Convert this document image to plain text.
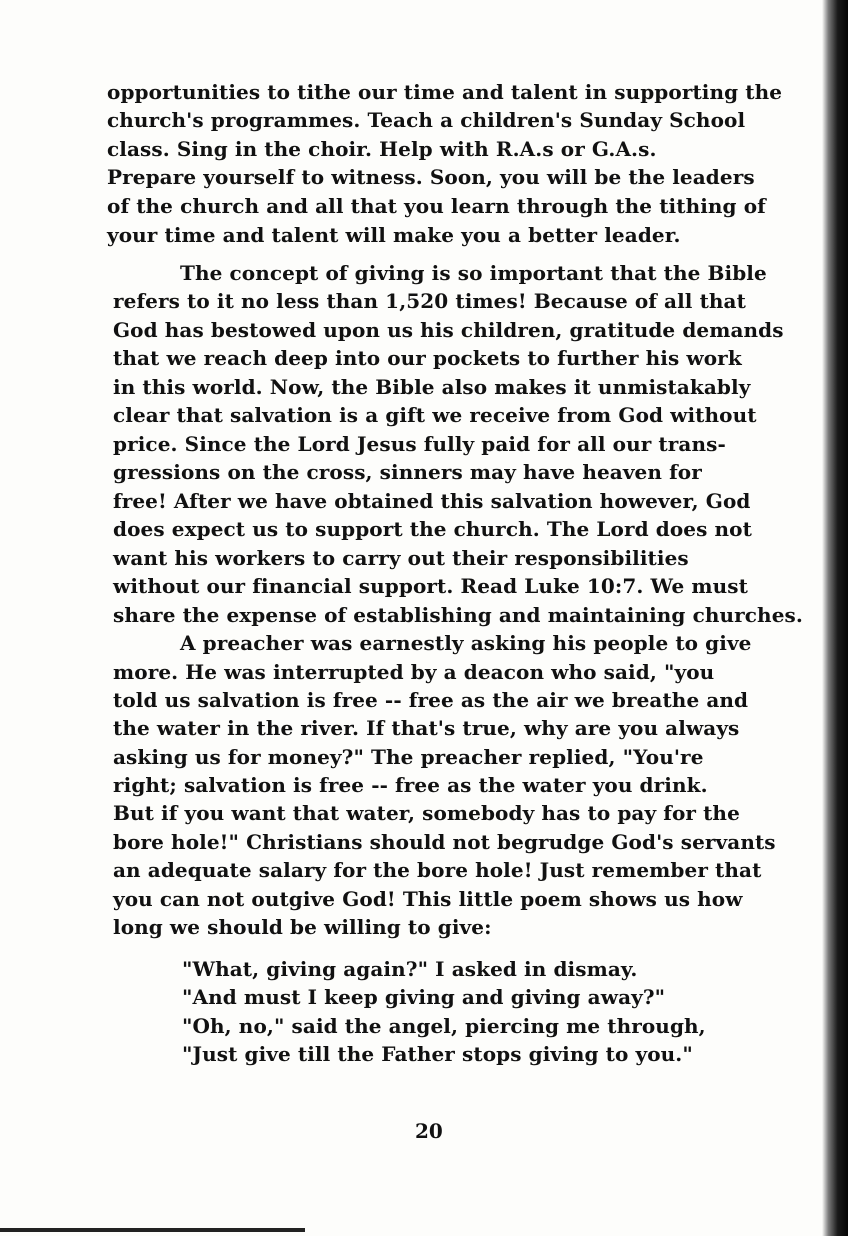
opportunities to tithe our time and talent in supporting the
church's programmes. Teach a children's Sunday School
class. Sing in the choir. Help with R.A.s or G.A.s.
Prepare yourself to witness. Soon, you will be the leaders
of the church and all that you learn through the tithing of
your time and talent will make you a better leader.
The concept of giving is so important that the Bible
refers to it no less than 1,520 times! Because of all that
God has bestowed upon us his children, gratitude demands
that we reach deep into our pockets to further his work
in this world. Now, the Bible also makes it unmistakably
clear that salvation is a gift we receive from God without
price. Since the Lord Jesus fully paid for all our trans-
gressions on the cross, sinners may have heaven for
free! After we have obtained this salvation however, God
does expect us to support the church. The Lord does not
want his workers to carry out their responsibilities
without our financial support. Read Luke 10:7. We must
share the expense of establishing and maintaining churches.
A preacher was earnestly asking his people to give
more. He was interrupted by a deacon who said, "you
told us salvation is free -- free as the air we breathe and
the water in the river. If that's true, why are you always
asking us for money?" The preacher replied, "You're
right; salvation is free -- free as the water you drink.
But if you want that water, somebody has to pay for the
bore hole!" Christians should not begrudge God's servants
an adequate salary for the bore hole! Just remember that
you can not outgive God! This little poem shows us how
long we should be willing to give:
"What, giving again?" I asked in dismay.
"And must I keep giving and giving away?"
"Oh, no," said the angel, piercing me through,
"Just give till the Father stops giving to you."
20
